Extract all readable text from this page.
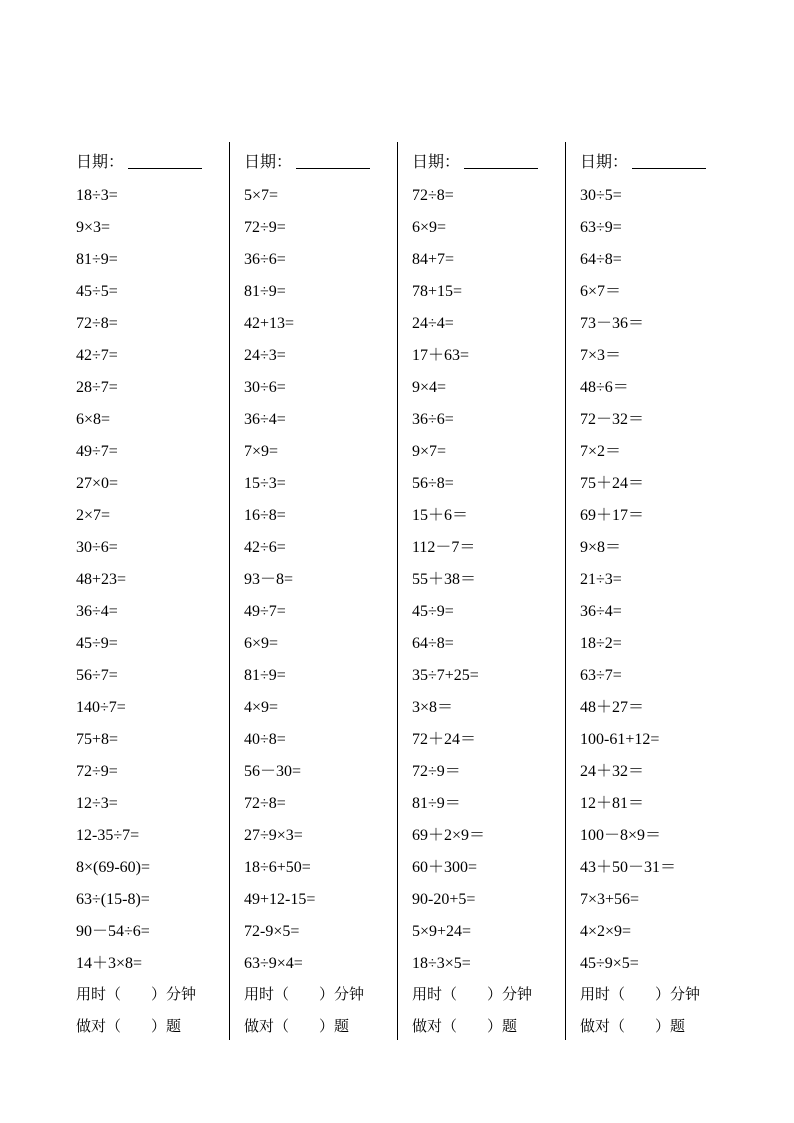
日期：
18÷3=
9×3=
81÷9=
45÷5=
72÷8=
42÷7=
28÷7=
6×8=
49÷7=
27×0=
2×7=
30÷6=
48+23=
36÷4=
45÷9=
56÷7=
140÷7=
75+8=
72÷9=
12÷3=
12-35÷7=
8×(69-60)=
63÷(15-8)=
90－54÷6=
14＋3×8=
用时（　　）分钟
做对（　　）题
日期：
5×7=
72÷9=
36÷6=
81÷9=
42+13=
24÷3=
30÷6=
36÷4=
7×9=
15÷3=
16÷8=
42÷6=
93－8=
49÷7=
6×9=
81÷9=
4×9=
40÷8=
56－30=
72÷8=
27÷9×3=
18÷6+50=
49+12-15=
72-9×5=
63÷9×4=
用时（　　）分钟
做对（　　）题
日期：
72÷8=
6×9=
84+7=
78+15=
24÷4=
17＋63=
9×4=
36÷6=
9×7=
56÷8=
15＋6＝
112－7＝
55＋38＝
45÷9=
64÷8=
35÷7+25=
3×8＝
72＋24＝
72÷9＝
81÷9＝
69＋2×9＝
60＋300=
90-20+5=
5×9+24=
18÷3×5=
用时（　　）分钟
做对（　　）题
日期：
30÷5=
63÷9=
64÷8=
6×7＝
73－36＝
7×3＝
48÷6＝
72－32＝
7×2＝
75＋24＝
69＋17＝
9×8＝
21÷3=
36÷4=
18÷2=
63÷7=
48＋27＝
100-61+12=
24＋32＝
12＋81＝
100－8×9＝
43＋50－31＝
7×3+56=
4×2×9=
45÷9×5=
用时（　　）分钟
做对（　　）题
